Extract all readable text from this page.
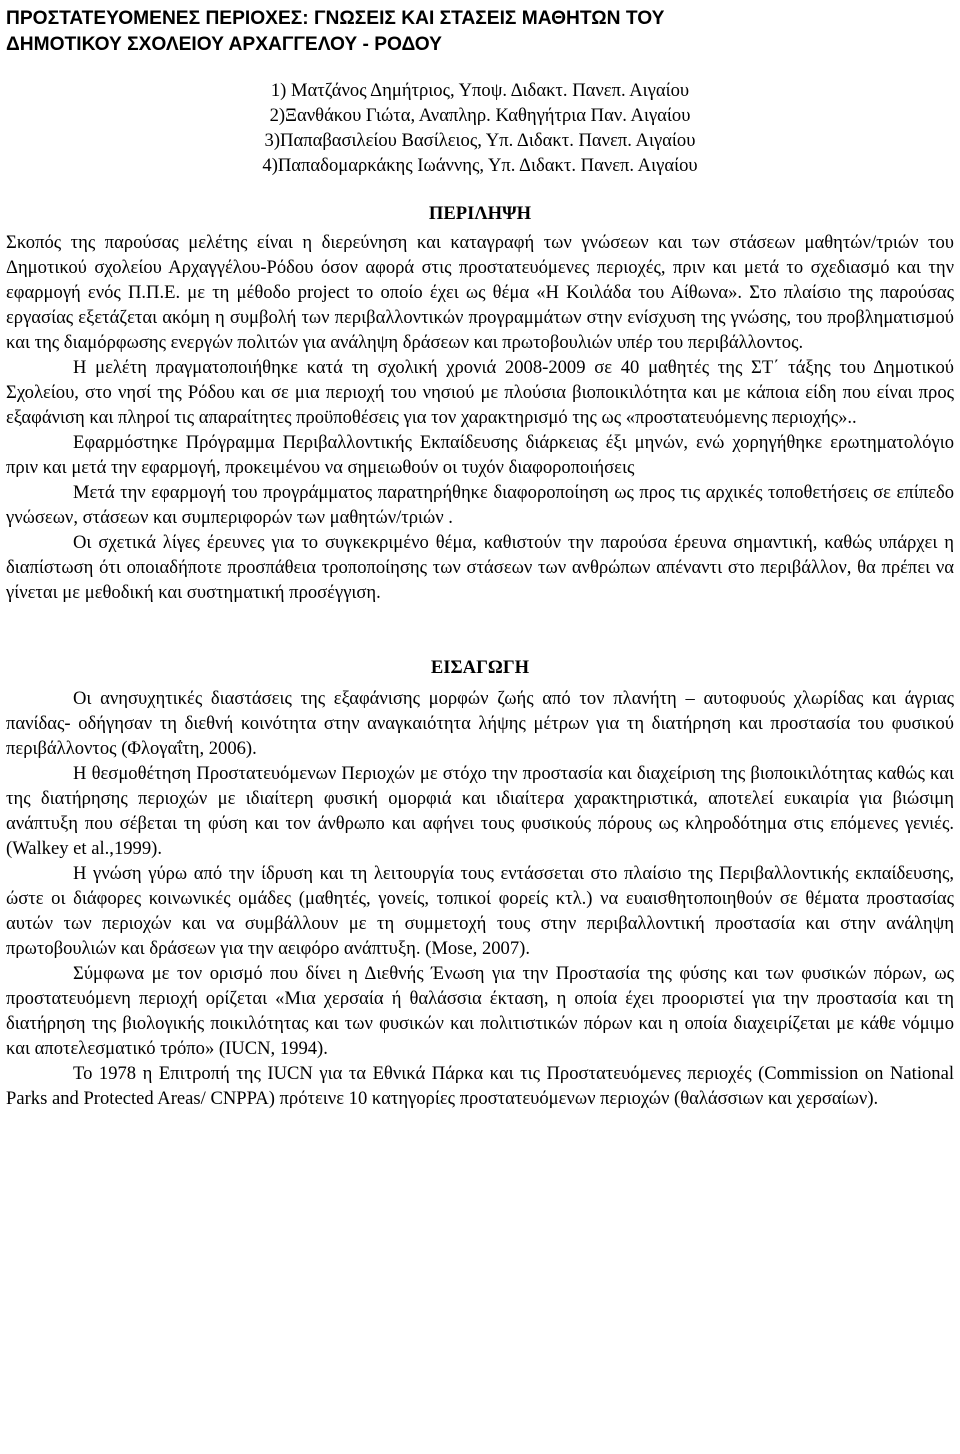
ΠΡΟΣΤΑΤΕΥΟΜΕΝΕΣ ΠΕΡΙΟΧΕΣ: ΓΝΩΣΕΙΣ ΚΑΙ ΣΤΑΣΕΙΣ ΜΑΘΗΤΩΝ ΤΟΥ
ΔΗΜΟΤΙΚΟΥ ΣΧΟΛΕΙΟΥ ΑΡΧΑΓΓΕΛΟΥ - ΡΟΔΟΥ
1) Ματζάνος Δημήτριος, Υποψ. Διδακτ. Πανεπ. Αιγαίου
2)Ξανθάκου Γιώτα, Αναπληρ. Καθηγήτρια Παν. Αιγαίου
3)Παπαβασιλείου Βασίλειος, Υπ. Διδακτ. Πανεπ. Αιγαίου
4)Παπαδομαρκάκης Ιωάννης, Υπ. Διδακτ. Πανεπ. Αιγαίου
ΠΕΡΙΛΗΨΗ

Σκοπός της παρούσας μελέτης είναι η διερεύνηση και καταγραφή των γνώσεων και των στάσεων μαθητών/τριών του Δημοτικού σχολείου Αρχαγγέλου-Ρόδου όσον αφορά στις προστατευόμενες περιοχές, πριν και μετά το σχεδιασμό και την εφαρμογή ενός Π.Π.Ε. με τη μέθοδο project το οποίο έχει ως θέμα «Η Κοιλάδα του Αίθωνα». Στο πλαίσιο της παρούσας εργασίας εξετάζεται ακόμη η συμβολή των περιβαλλοντικών προγραμμάτων στην ενίσχυση της γνώσης, του προβληματισμού και της διαμόρφωσης ενεργών πολιτών για ανάληψη δράσεων και πρωτοβουλιών υπέρ του περιβάλλοντος.

Η μελέτη πραγματοποιήθηκε κατά τη σχολική χρονιά 2008-2009 σε 40 μαθητές της ΣΤ΄ τάξης του Δημοτικού Σχολείου, στο νησί της Ρόδου και σε μια περιοχή του νησιού με πλούσια βιοποικιλότητα και με κάποια είδη που είναι προς εξαφάνιση και πληροί τις απαραίτητες προϋποθέσεις για τον χαρακτηρισμό της ως «προστατευόμενης περιοχής»..

Εφαρμόστηκε Πρόγραμμα Περιβαλλοντικής Εκπαίδευσης διάρκειας έξι μηνών, ενώ χορηγήθηκε ερωτηματολόγιο πριν και μετά την εφαρμογή, προκειμένου να σημειωθούν οι τυχόν διαφοροποιήσεις

Μετά την εφαρμογή του προγράμματος παρατηρήθηκε διαφοροποίηση ως προς τις αρχικές τοποθετήσεις σε επίπεδο γνώσεων, στάσεων και συμπεριφορών των μαθητών/τριών .

Οι σχετικά λίγες έρευνες για το συγκεκριμένο θέμα, καθιστούν την παρούσα έρευνα σημαντική, καθώς υπάρχει η διαπίστωση ότι οποιαδήποτε προσπάθεια τροποποίησης των στάσεων των ανθρώπων απέναντι στο περιβάλλον, θα πρέπει να γίνεται με μεθοδική και συστηματική προσέγγιση.

ΕΙΣΑΓΩΓΗ

Οι ανησυχητικές διαστάσεις της εξαφάνισης μορφών ζωής από τον πλανήτη – αυτοφυούς χλωρίδας και άγριας πανίδας- οδήγησαν τη διεθνή κοινότητα στην αναγκαιότητα λήψης μέτρων για τη διατήρηση και προστασία του φυσικού περιβάλλοντος (Φλογαΐτη, 2006).

Η θεσμοθέτηση Προστατευόμενων Περιοχών με στόχο την προστασία και διαχείριση της βιοποικιλότητας καθώς και της διατήρησης περιοχών με ιδιαίτερη φυσική ομορφιά και ιδιαίτερα χαρακτηριστικά, αποτελεί ευκαιρία για βιώσιμη ανάπτυξη που σέβεται τη φύση και τον άνθρωπο και αφήνει τους φυσικούς πόρους ως κληροδότημα στις επόμενες γενιές. (Walkey et al.,1999).

Η γνώση γύρω από την ίδρυση και τη λειτουργία τους εντάσσεται στο πλαίσιο της Περιβαλλοντικής εκπαίδευσης, ώστε οι διάφορες κοινωνικές ομάδες (μαθητές, γονείς, τοπικοί φορείς κτλ.) να ευαισθητοποιηθούν σε θέματα προστασίας αυτών των περιοχών και να συμβάλλουν με τη συμμετοχή τους στην περιβαλλοντική προστασία και στην ανάληψη πρωτοβουλιών και δράσεων για την αειφόρο ανάπτυξη. (Mose, 2007).

Σύμφωνα με τον ορισμό που δίνει η Διεθνής Ένωση για την Προστασία της φύσης και των φυσικών πόρων, ως προστατευόμενη περιοχή ορίζεται «Μια χερσαία ή θαλάσσια έκταση, η οποία έχει προοριστεί για την προστασία και τη διατήρηση της βιολογικής ποικιλότητας και των φυσικών και πολιτιστικών πόρων και η οποία διαχειρίζεται με κάθε νόμιμο και αποτελεσματικό τρόπο» (IUCN, 1994).

Το 1978 η Επιτροπή της IUCN για τα Εθνικά Πάρκα και τις Προστατευόμενες περιοχές (Commission on National Parks and Protected Areas/ CNPPA) πρότεινε 10 κατηγορίες προστατευόμενων περιοχών (θαλάσσιων και χερσαίων).
